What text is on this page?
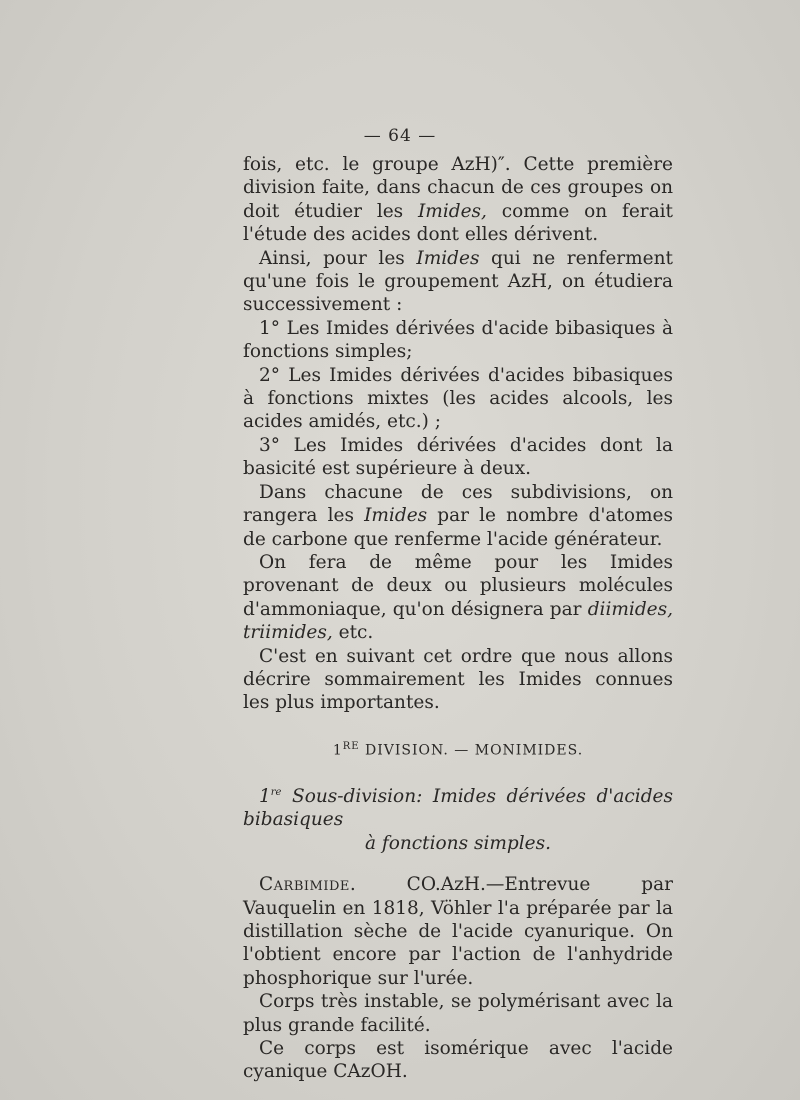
— 64 —

fois, etc. le groupe AzH)″. Cette première division faite, dans chacun de ces groupes on doit étudier les Imides, comme on ferait l'étude des acides dont elles dérivent.

Ainsi, pour les Imides qui ne renferment qu'une fois le groupement AzH, on étudiera successivement :

1° Les Imides dérivées d'acide bibasiques à fonctions simples;

2° Les Imides dérivées d'acides bibasiques à fonctions mixtes (les acides alcools, les acides amidés, etc.) ;

3° Les Imides dérivées d'acides dont la basicité est supérieure à deux.

Dans chacune de ces subdivisions, on rangera les Imides par le nombre d'atomes de carbone que renferme l'acide générateur.

On fera de même pour les Imides provenant de deux ou plusieurs molécules d'ammoniaque, qu'on désignera par diimides, triimides, etc.

C'est en suivant cet ordre que nous allons décrire sommairement les Imides connues les plus importantes.

1RE DIVISION. — MONIMIDES.

1re Sous-division: Imides dérivées d'acides bibasiques

à fonctions simples.

Carbimide. CO.AzH.—Entrevue par Vauquelin en 1818, Vöhler l'a préparée par la distillation sèche de l'acide cyanurique. On l'obtient encore par l'action de l'anhydride phosphorique sur l'urée.

Corps très instable, se polymérisant avec la plus grande facilité.

Ce corps est isomérique avec l'acide cyanique CAzOH.
